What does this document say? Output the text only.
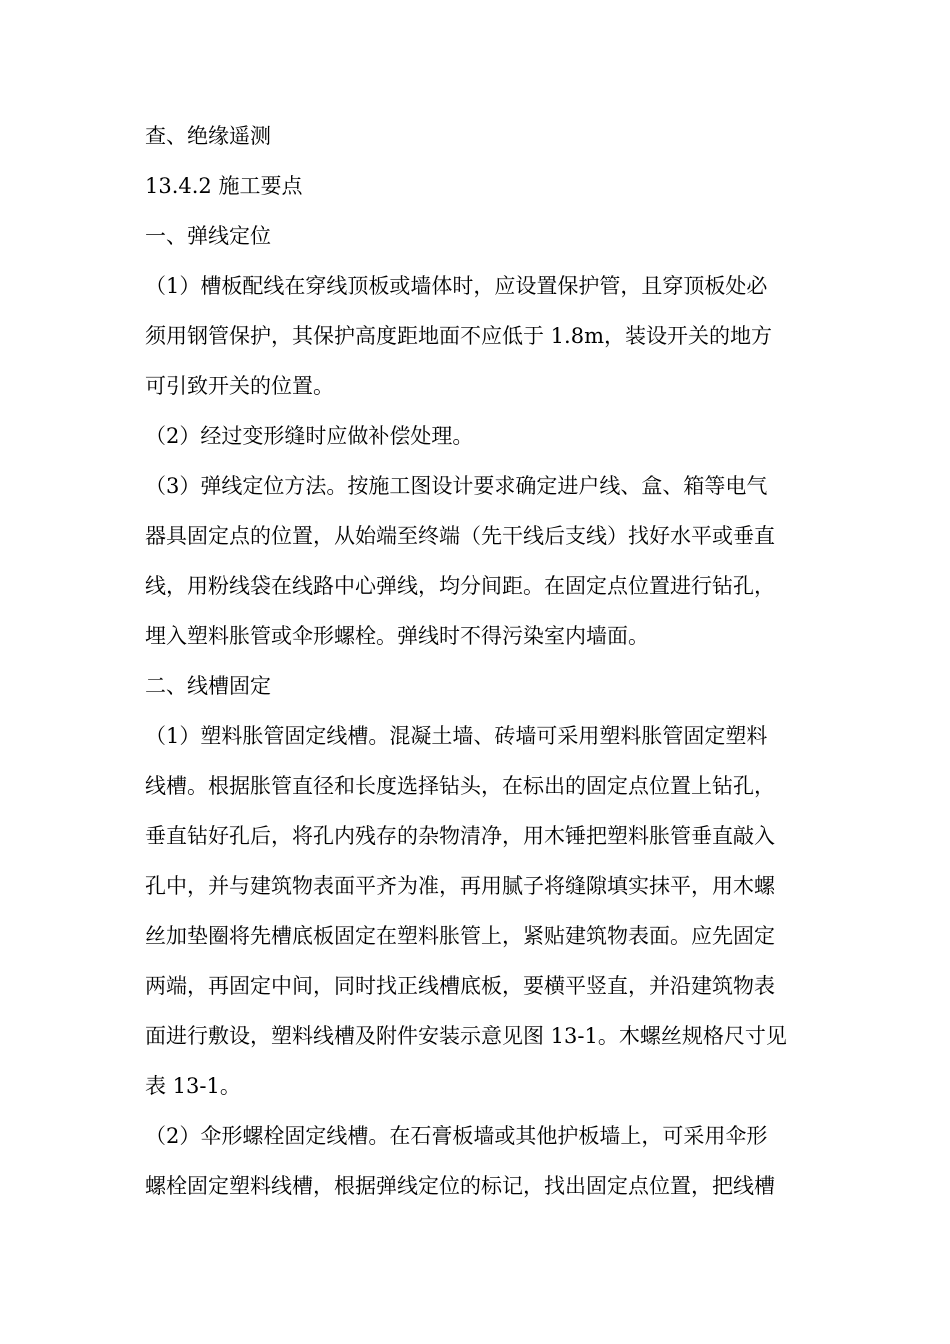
查、绝缘遥测
13.4.2 施工要点
一、弹线定位
（1）槽板配线在穿线顶板或墙体时，应设置保护管，且穿顶板处必
须用钢管保护，其保护高度距地面不应低于 1.8m，装设开关的地方
可引致开关的位置。
（2）经过变形缝时应做补偿处理。
（3）弹线定位方法。按施工图设计要求确定进户线、盒、箱等电气
器具固定点的位置，从始端至终端（先干线后支线）找好水平或垂直
线，用粉线袋在线路中心弹线，均分间距。在固定点位置进行钻孔，
埋入塑料胀管或伞形螺栓。弹线时不得污染室内墙面。
二、线槽固定
（1）塑料胀管固定线槽。混凝土墙、砖墙可采用塑料胀管固定塑料
线槽。根据胀管直径和长度选择钻头，在标出的固定点位置上钻孔，
垂直钻好孔后，将孔内残存的杂物清净，用木锤把塑料胀管垂直敲入
孔中，并与建筑物表面平齐为准，再用腻子将缝隙填实抹平，用木螺
丝加垫圈将先槽底板固定在塑料胀管上，紧贴建筑物表面。应先固定
两端，再固定中间，同时找正线槽底板，要横平竖直，并沿建筑物表
面进行敷设，塑料线槽及附件安装示意见图 13-1。木螺丝规格尺寸见
表 13-1。
（2）伞形螺栓固定线槽。在石膏板墙或其他护板墙上，可采用伞形
螺栓固定塑料线槽，根据弹线定位的标记，找出固定点位置，把线槽
